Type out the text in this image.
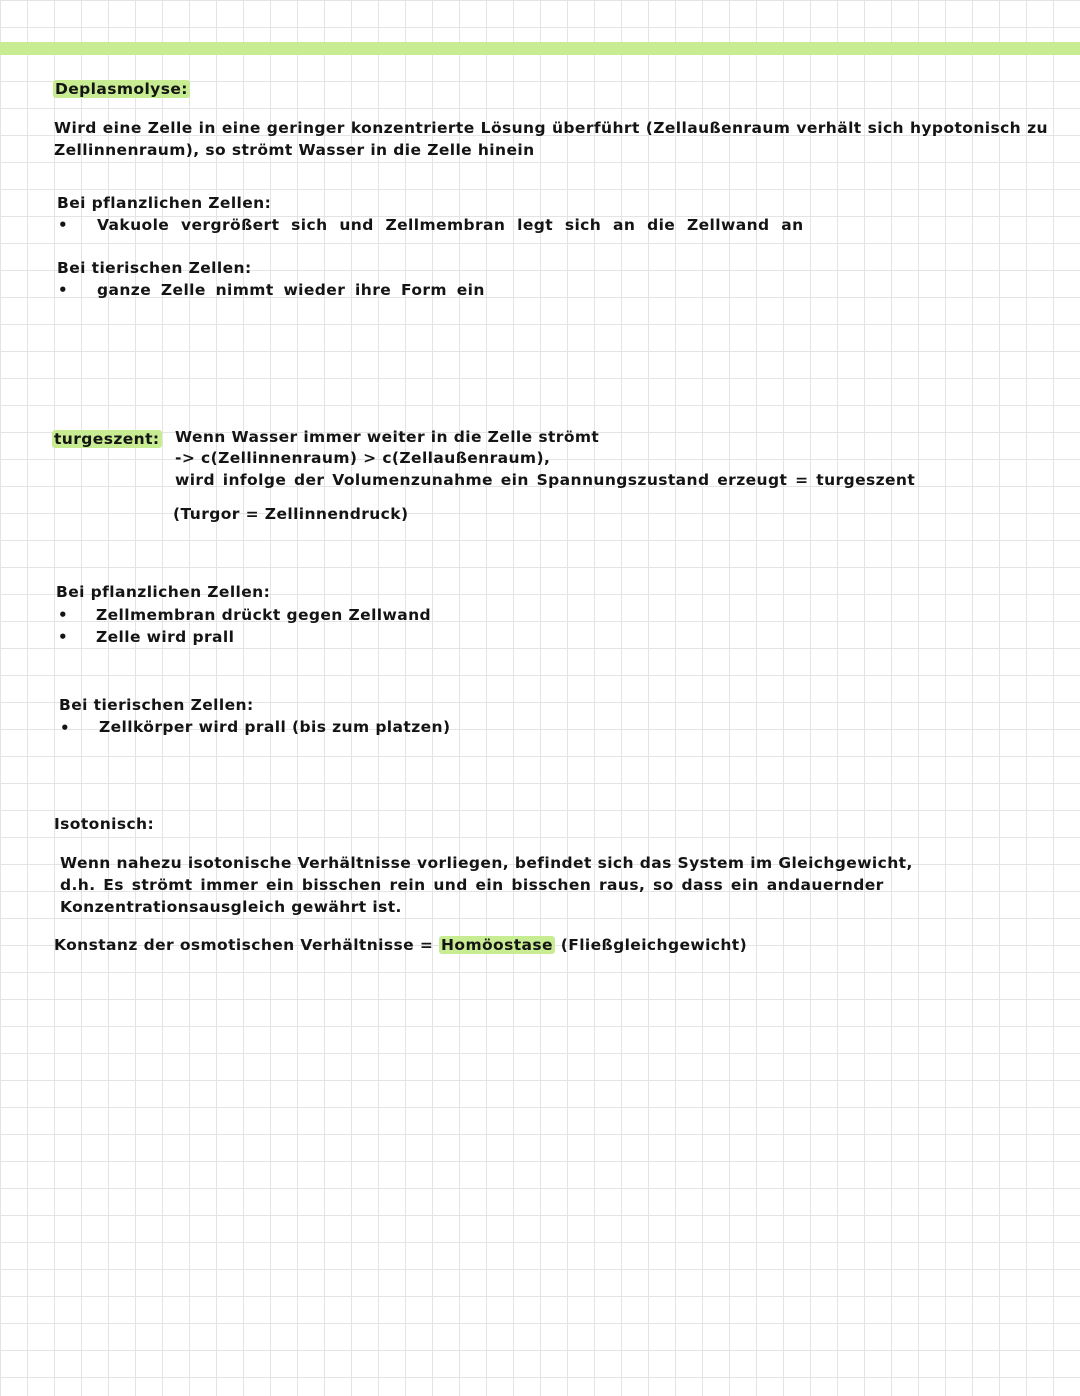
Deplasmolyse:

Wird eine Zelle in eine geringer konzentrierte Lösung überführt (Zellaußenraum verhält sich hypotonisch zu
Zellinnenraum), so strömt Wasser in die Zelle hinein

Bei pflanzlichen Zellen:

• Vakuole vergrößert sich und Zellmembran legt sich an die Zellwand an

Bei tierischen Zellen:

• ganze Zelle nimmt wieder ihre Form ein

turgeszent: Wenn Wasser immer weiter in die Zelle strömt

-> c(Zellinnenraum) > c(Zellaußenraum),

wird infolge der Volumenzunahme ein Spannungszustand erzeugt = turgeszent

(Turgor = Zellinnendruck)

Bei pflanzlichen Zellen:

• Zellmembran drückt gegen Zellwand

• Zelle wird prall

Bei tierischen Zellen:

• Zellkörper wird prall (bis zum platzen)

Isotonisch:

Wenn nahezu isotonische Verhältnisse vorliegen, befindet sich das System im Gleichgewicht,

d.h. Es strömt immer ein bisschen rein und ein bisschen raus, so dass ein andauernder

Konzentrationsausgleich gewährt ist.

Konstanz der osmotischen Verhältnisse = Homöostase (Fließgleichgewicht)
